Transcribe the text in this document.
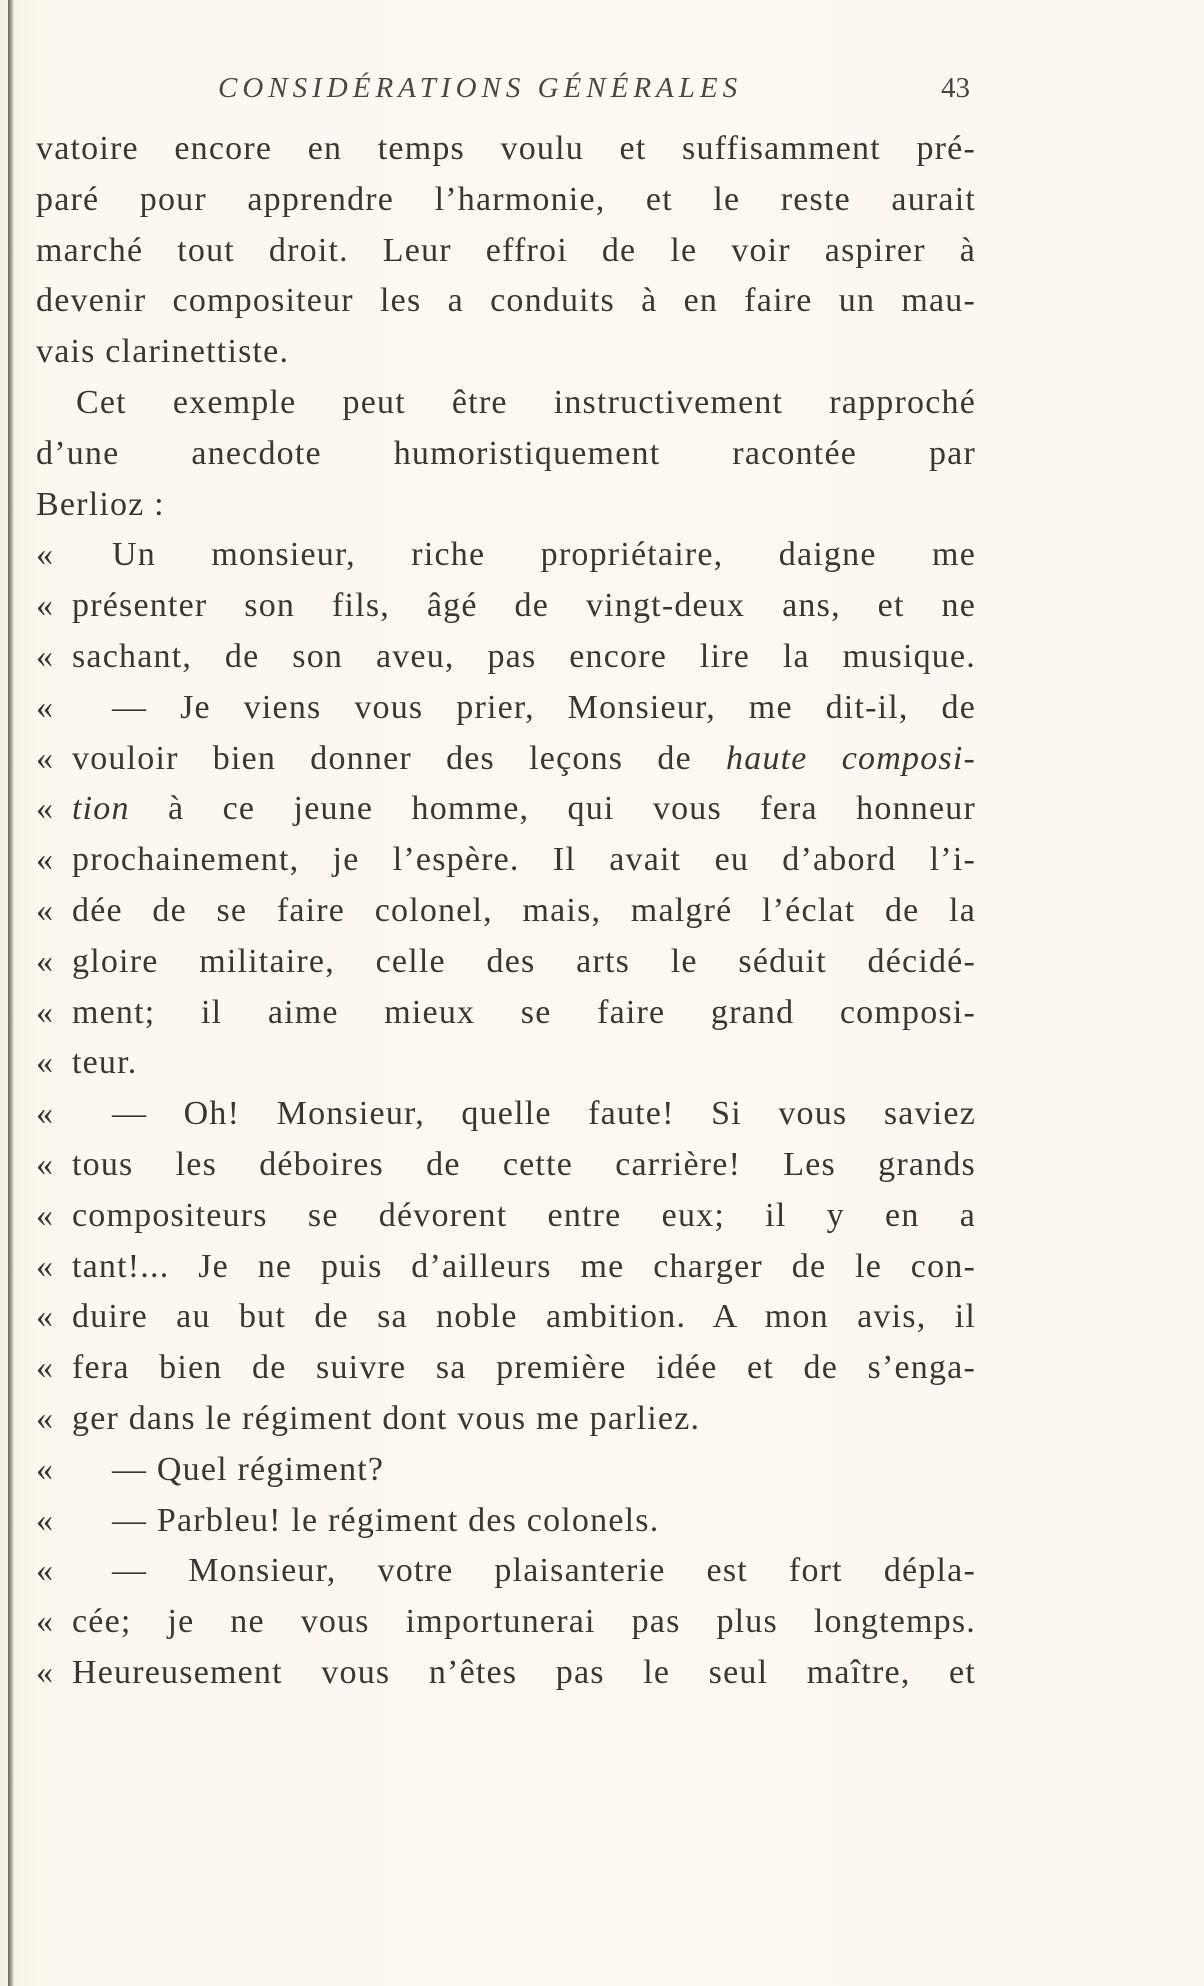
CONSIDÉRATIONS GÉNÉRALES	43
vatoire encore en temps voulu et suffisamment pré-
paré pour apprendre l’harmonie, et le reste aurait
marché tout droit. Leur effroi de le voir aspirer à
devenir compositeur les a conduits à en faire un mau-
vais clarinettiste.
Cet exemple peut être instructivement rapproché
d’une anecdote humoristiquement racontée par
Berlioz :
« Un monsieur, riche propriétaire, daigne me
« présenter son fils, âgé de vingt-deux ans, et ne
« sachant, de son aveu, pas encore lire la musique.
« — Je viens vous prier, Monsieur, me dit-il, de
« vouloir bien donner des leçons de haute composi-
« tion à ce jeune homme, qui vous fera honneur
« prochainement, je l’espère. Il avait eu d’abord l’i-
« dée de se faire colonel, mais, malgré l’éclat de la
« gloire militaire, celle des arts le séduit décidé-
« ment; il aime mieux se faire grand composi-
« teur.
« — Oh! Monsieur, quelle faute! Si vous saviez
« tous les déboires de cette carrière! Les grands
« compositeurs se dévorent entre eux; il y en a
« tant!... Je ne puis d’ailleurs me charger de le con-
« duire au but de sa noble ambition. A mon avis, il
« fera bien de suivre sa première idée et de s’enga-
« ger dans le régiment dont vous me parliez.
« — Quel régiment?
« — Parbleu! le régiment des colonels.
« — Monsieur, votre plaisanterie est fort dépla-
« cée; je ne vous importunerai pas plus longtemps.
« Heureusement vous n’êtes pas le seul maître, et
